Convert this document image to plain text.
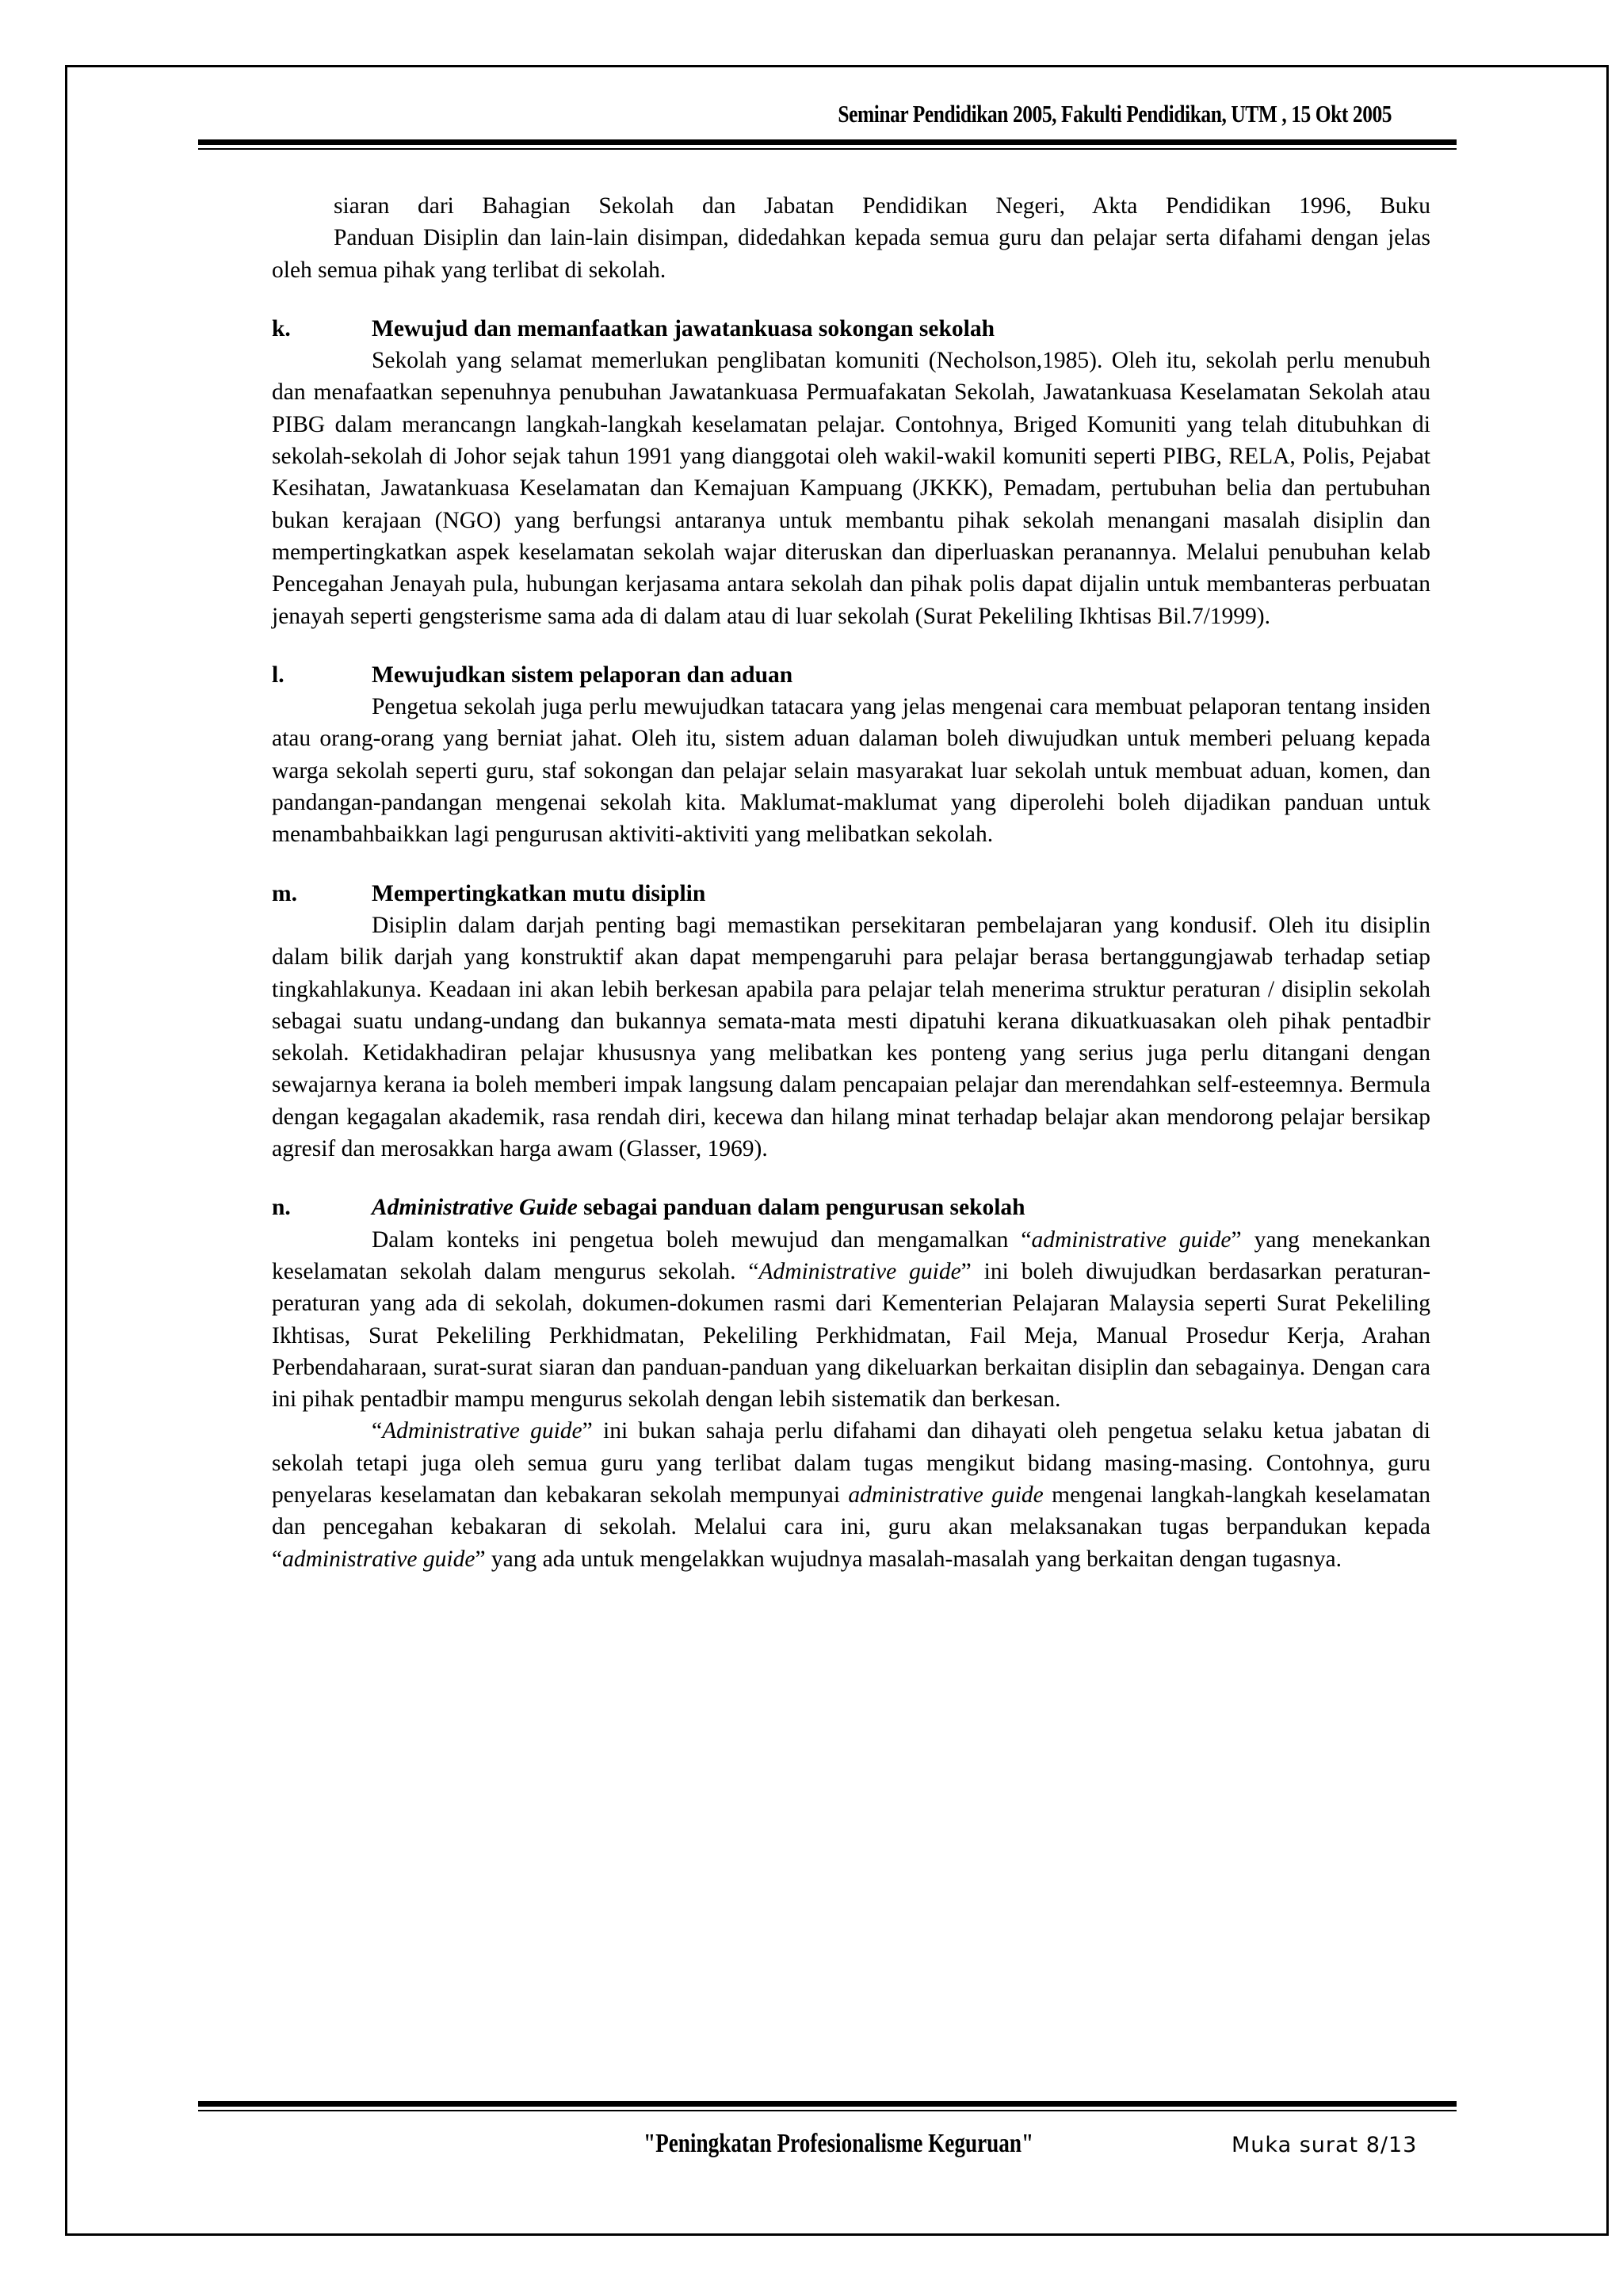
Seminar Pendidikan 2005, Fakulti Pendidikan, UTM , 15 Okt 2005

siaran dari Bahagian Sekolah dan Jabatan Pendidikan Negeri, Akta Pendidikan 1996, Buku
Panduan Disiplin dan lain-lain disimpan, didedahkan kepada semua guru dan pelajar serta difahami dengan jelas oleh semua pihak yang terlibat di sekolah.

k.	Mewujud dan memanfaatkan jawatankuasa sokongan sekolah

Sekolah yang selamat memerlukan penglibatan komuniti (Necholson,1985). Oleh itu, sekolah perlu menubuh dan menafaatkan sepenuhnya penubuhan Jawatankuasa Permuafakatan Sekolah, Jawatankuasa Keselamatan Sekolah atau PIBG dalam merancangn langkah-langkah keselamatan pelajar. Contohnya, Briged Komuniti yang telah ditubuhkan di sekolah-sekolah di Johor sejak tahun 1991 yang dianggotai oleh wakil-wakil komuniti seperti PIBG, RELA, Polis, Pejabat Kesihatan, Jawatankuasa Keselamatan dan Kemajuan Kampuang (JKKK), Pemadam, pertubuhan belia dan pertubuhan bukan kerajaan (NGO) yang berfungsi antaranya untuk membantu pihak sekolah menangani masalah disiplin dan mempertingkatkan aspek keselamatan sekolah wajar diteruskan dan diperluaskan peranannya. Melalui penubuhan kelab Pencegahan Jenayah pula, hubungan kerjasama antara sekolah dan pihak polis dapat dijalin untuk membanteras perbuatan jenayah seperti gengsterisme sama ada di dalam atau di luar sekolah (Surat Pekeliling Ikhtisas Bil.7/1999).

l.	Mewujudkan sistem pelaporan dan aduan

Pengetua sekolah juga perlu mewujudkan tatacara yang jelas mengenai cara membuat pelaporan tentang insiden atau orang-orang yang berniat jahat. Oleh itu, sistem aduan dalaman boleh diwujudkan untuk memberi peluang kepada warga sekolah seperti guru, staf sokongan dan pelajar selain masyarakat luar sekolah untuk membuat aduan, komen, dan pandangan-pandangan mengenai sekolah kita. Maklumat-maklumat yang diperolehi boleh dijadikan panduan untuk menambahbaikkan lagi pengurusan aktiviti-aktiviti yang melibatkan sekolah.

m.	Mempertingkatkan mutu disiplin

Disiplin dalam darjah penting bagi memastikan persekitaran pembelajaran yang kondusif. Oleh itu disiplin dalam bilik darjah yang konstruktif akan dapat mempengaruhi para pelajar berasa bertanggungjawab terhadap setiap tingkahlakunya. Keadaan ini akan lebih berkesan apabila para pelajar telah menerima struktur peraturan / disiplin sekolah sebagai suatu undang-undang dan bukannya semata-mata mesti dipatuhi kerana dikuatkuasakan oleh pihak pentadbir sekolah. Ketidakhadiran pelajar khususnya yang melibatkan kes ponteng yang serius juga perlu ditangani dengan sewajarnya kerana ia boleh memberi impak langsung dalam pencapaian pelajar dan merendahkan self-esteemnya. Bermula dengan kegagalan akademik, rasa rendah diri, kecewa dan hilang minat terhadap belajar akan mendorong pelajar bersikap agresif dan merosakkan harga awam (Glasser, 1969).

n.	Administrative Guide sebagai panduan dalam pengurusan sekolah

Dalam konteks ini pengetua boleh mewujud dan mengamalkan “administrative guide” yang menekankan keselamatan sekolah dalam mengurus sekolah. “Administrative guide” ini boleh diwujudkan berdasarkan peraturan-peraturan yang ada di sekolah, dokumen-dokumen rasmi dari Kementerian Pelajaran Malaysia seperti Surat Pekeliling Ikhtisas, Surat Pekeliling Perkhidmatan, Pekeliling Perkhidmatan, Fail Meja, Manual Prosedur Kerja, Arahan Perbendaharaan, surat-surat siaran dan panduan-panduan yang dikeluarkan berkaitan disiplin dan sebagainya. Dengan cara ini pihak pentadbir mampu mengurus sekolah dengan lebih sistematik dan berkesan.

“Administrative guide” ini bukan sahaja perlu difahami dan dihayati oleh pengetua selaku ketua jabatan di sekolah tetapi juga oleh semua guru yang terlibat dalam tugas mengikut bidang masing-masing. Contohnya, guru penyelaras keselamatan dan kebakaran sekolah mempunyai administrative guide mengenai langkah-langkah keselamatan dan pencegahan kebakaran di sekolah. Melalui cara ini, guru akan melaksanakan tugas berpandukan kepada “administrative guide” yang ada untuk mengelakkan wujudnya masalah-masalah yang berkaitan dengan tugasnya.

"Peningkatan Profesionalisme Keguruan"	Muka surat 8/13
